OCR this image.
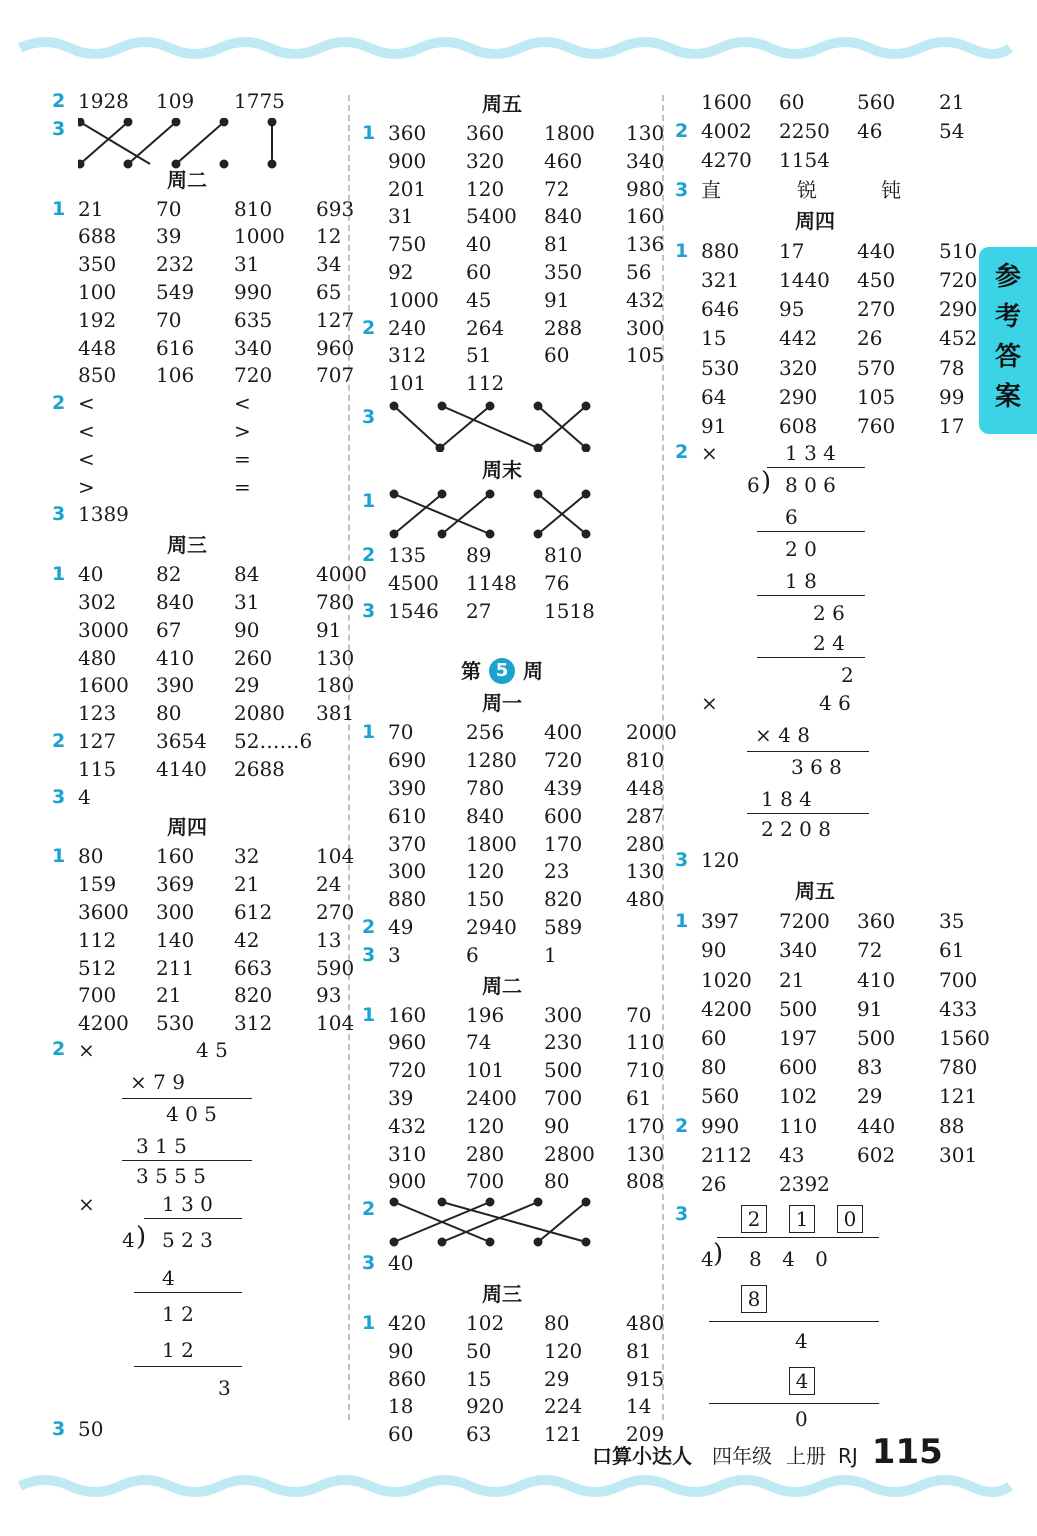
2 1928 109 1775
3
周二
1 21	70	810 693
688 39	1000 12
350 232 31	34
100 549 990 65
192 70	635 127
448 616 340 960
850 106 720 707
2 <	<
<	>
<	=
>	=
3 1389
周三
1 40	82	84	4000
302 840 31	780
3000 67	90	91
480 410 260 130
1600 390 29	180
123 80	2080 381
2 127 3654 52……6
115 4140 2688
3 4
周四
1 80	160 32	104
159 369 21	24
3600 300 612 270
112 140 42	13
512 211 663 590
700 21	820 93
4200 530 312 104
2 ×	4 5
× 7 9
4 0 5
3 1 5
3 5 5 5
×	1 3 0
4 ) 5 2 3
4
1 2
1 2
3
3 50
周五
1 360 360 1800 130
900 320 460 340
201 120 72	980
31	5400 840 160
750 40	81	136
92	60	350 56
1000 45	91	432
2 240 264 288 300
312 51	60	105
101 112
3
周末
1
2 135 89	810
4500 1148 76
3 1546 27	1518
第 5 周
周一
1 70	256 400 2000
690 1280 720 810
390 780 439 448
610 840 600 287
370 1800 170 280
300 120 23	130
880 150 820 480
2 49	2940 589
3 3	6	1
周二
1 160 196 300 70
960 74	230 110
720 101 500 710
39	2400 700 61
432 120 90	170
310 280 2800 130
900 700 80	808
2
3 40
周三
1 420 102 80	480
90	50	120 81
860 15	29	915
18	920 224 14
60	63	121 209
1600 60	560 21
2 4002 2250 46	54
4270 1154
3 直	锐	钝
周四
1 880 17	440 510
321 1440 450 720
646 95	270 290
15	442 26	452
530 320 570 78
64	290 105 99
91	608 760 17
2 ×	1 3 4
6 ) 8 0 6
6
2 0
1 8
2 6
2 4
2
×	4 6
× 4 8
3 6 8
1 8 4
2 2 0 8
3 120
周五
1 397 7200 360 35
90	340 72	61
1020 21	410 700
4200 500 91	433
60	197 500 1560
80	600 83	780
560 102 29	121
2 990 110 440 88
2112 43	602 301
26	2392
3	2	1	0
4 ) 8 4 0
8
4
4
0
参
考
答
案
口算小达人 四年级 上册 RJ 115
